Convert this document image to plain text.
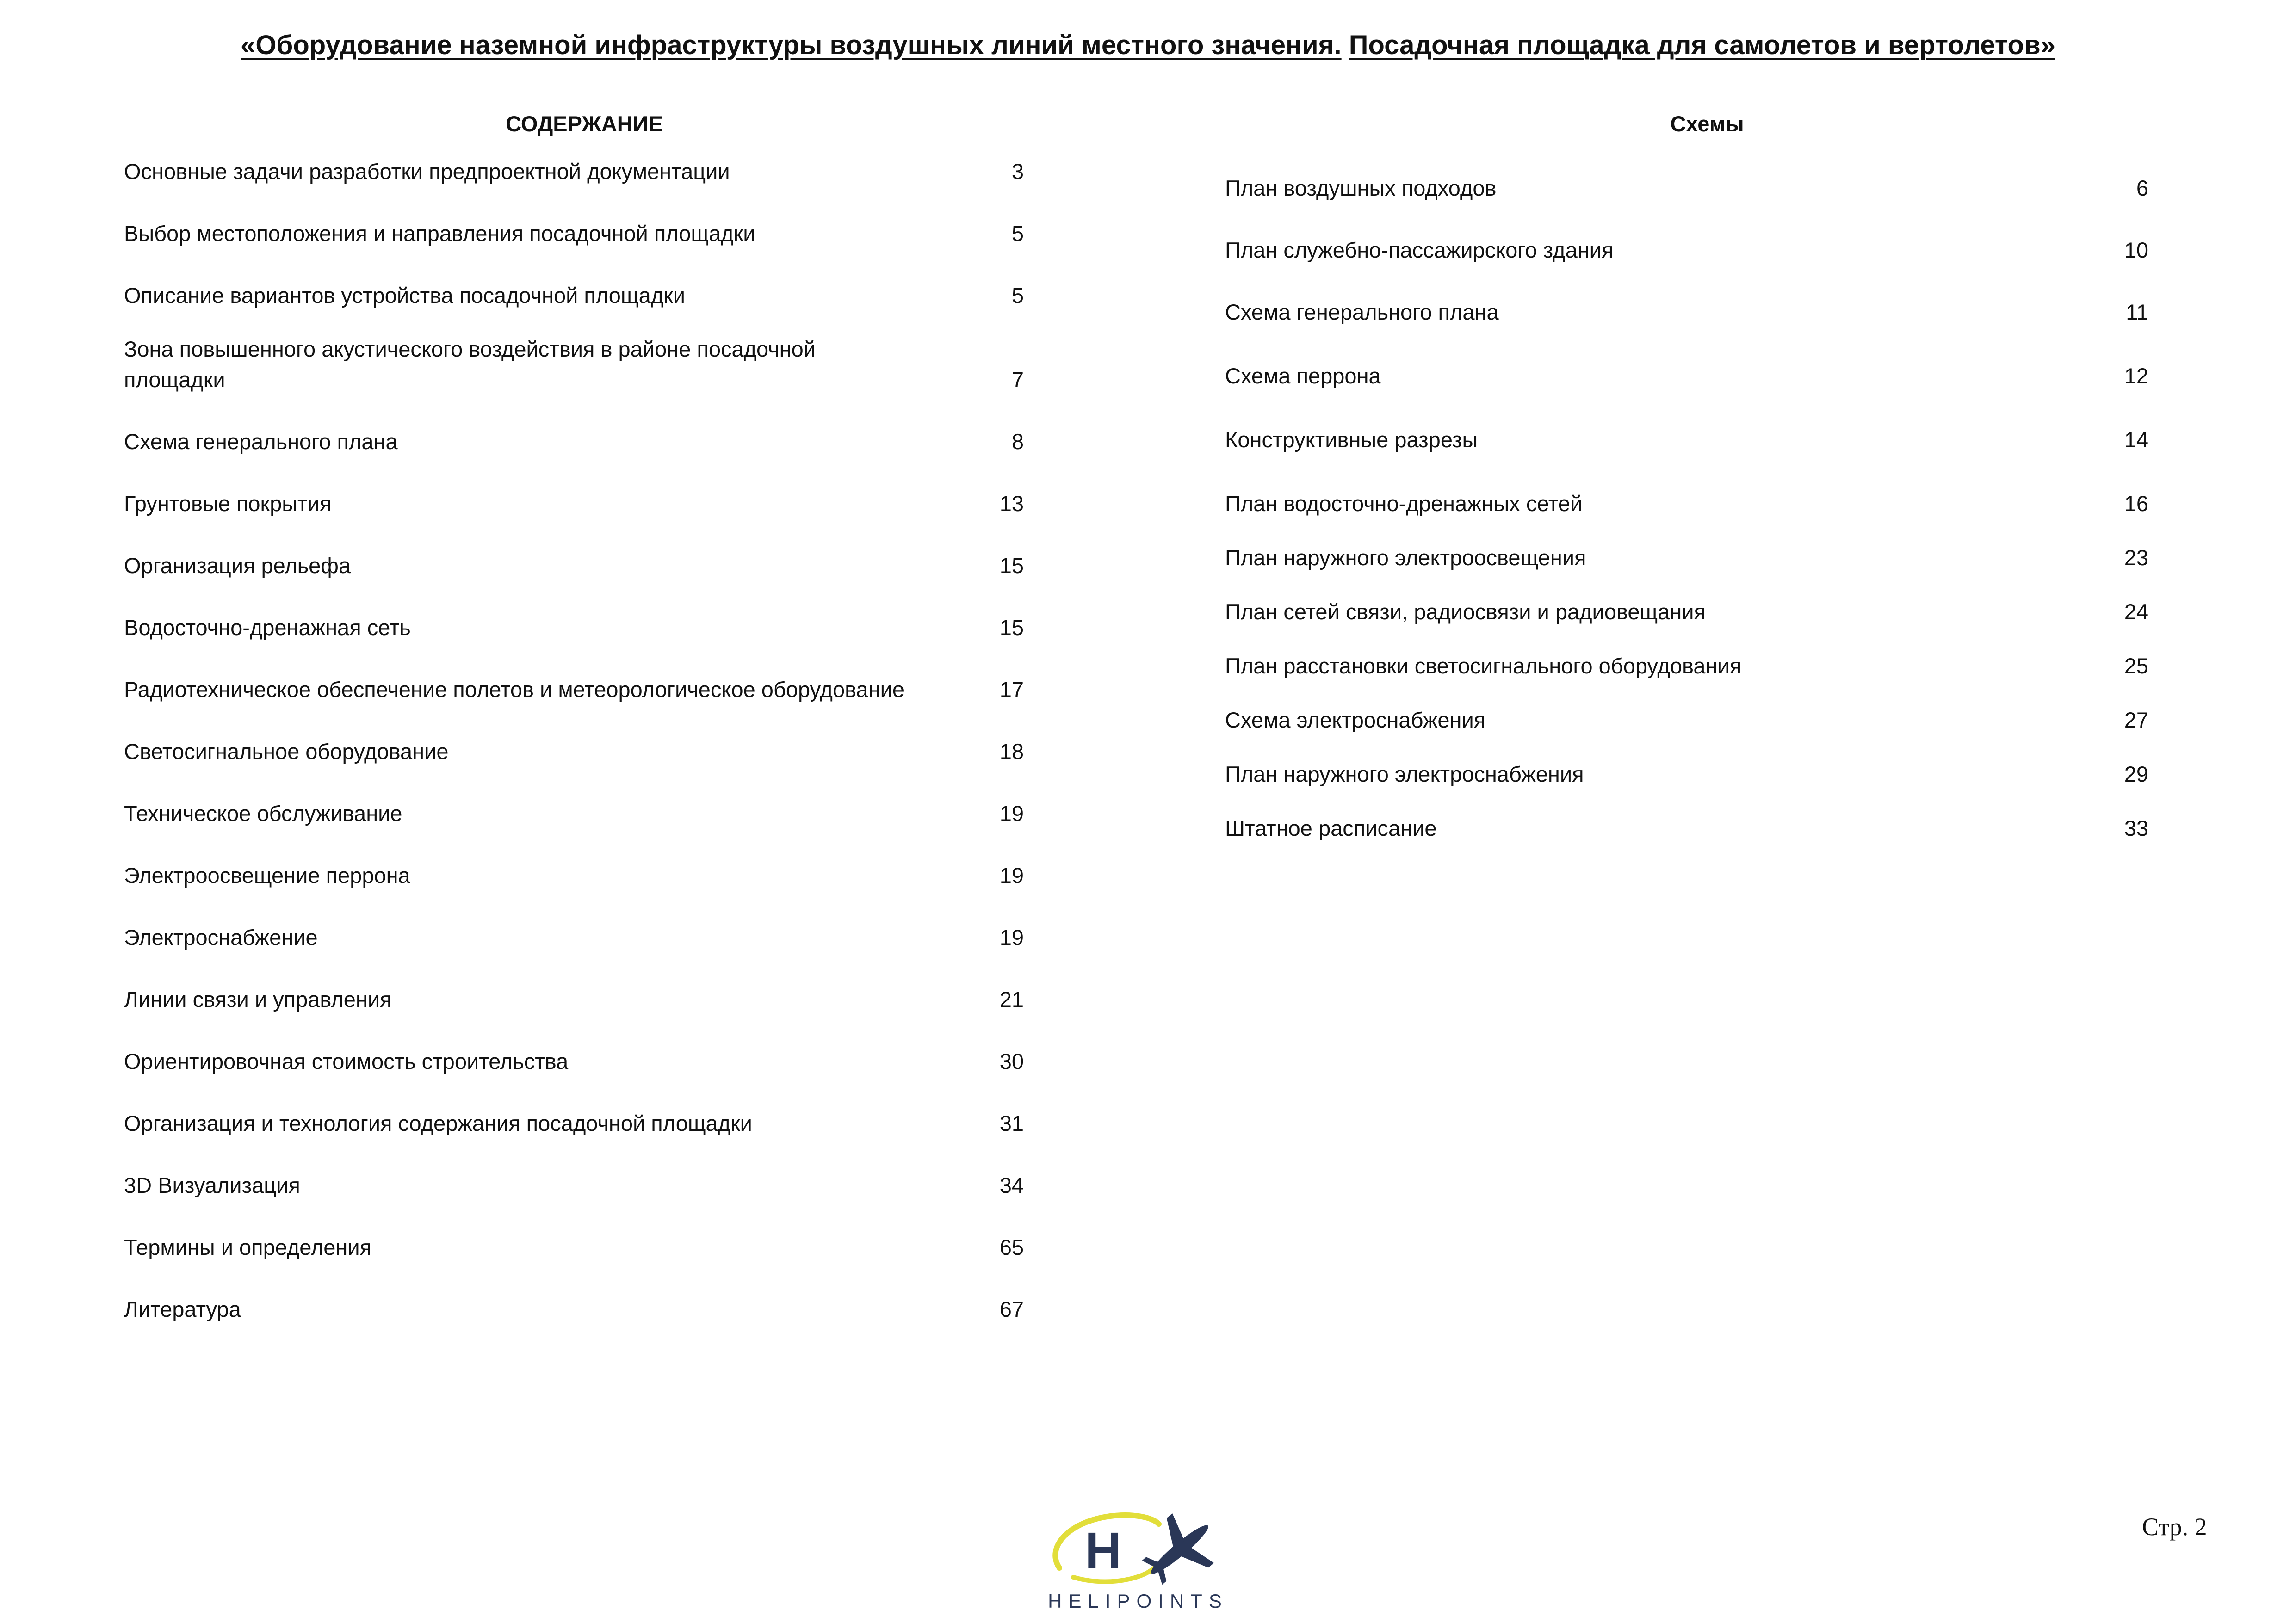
«Оборудование наземной инфраструктуры воздушных линий местного значения. Посадочная площадка для самолетов и вертолетов»
СОДЕРЖАНИЕ	Схемы
Основные задачи разработки предпроектной документации	3
Выбор местоположения и направления посадочной площадки	5
Описание вариантов устройства посадочной площадки	5
Зона повышенного акустического воздействия в районе посадочной площадки	7
Схема генерального плана	8
Грунтовые покрытия	13
Организация рельефа	15
Водосточно-дренажная сеть	15
Радиотехническое обеспечение полетов и метеорологическое оборудование	17
Светосигнальное оборудование	18
Техническое обслуживание	19
Электроосвещение перрона	19
Электроснабжение	19
Линии связи и управления	21
Ориентировочная стоимость строительства	30
Организация и технология содержания посадочной площадки	31
3D Визуализация	34
Термины и определения	65
Литература	67
План воздушных подходов	6
План служебно-пассажирского здания	10
Схема генерального плана	11
Схема перрона	12
Конструктивные разрезы	14
План водосточно-дренажных сетей	16
План наружного электроосвещения	23
План сетей связи, радиосвязи и радиовещания	24
План расстановки светосигнального оборудования	25
Схема электроснабжения	27
План наружного электроснабжения	29
Штатное расписание	33
H
HELIPOINTS
Стр. 2
